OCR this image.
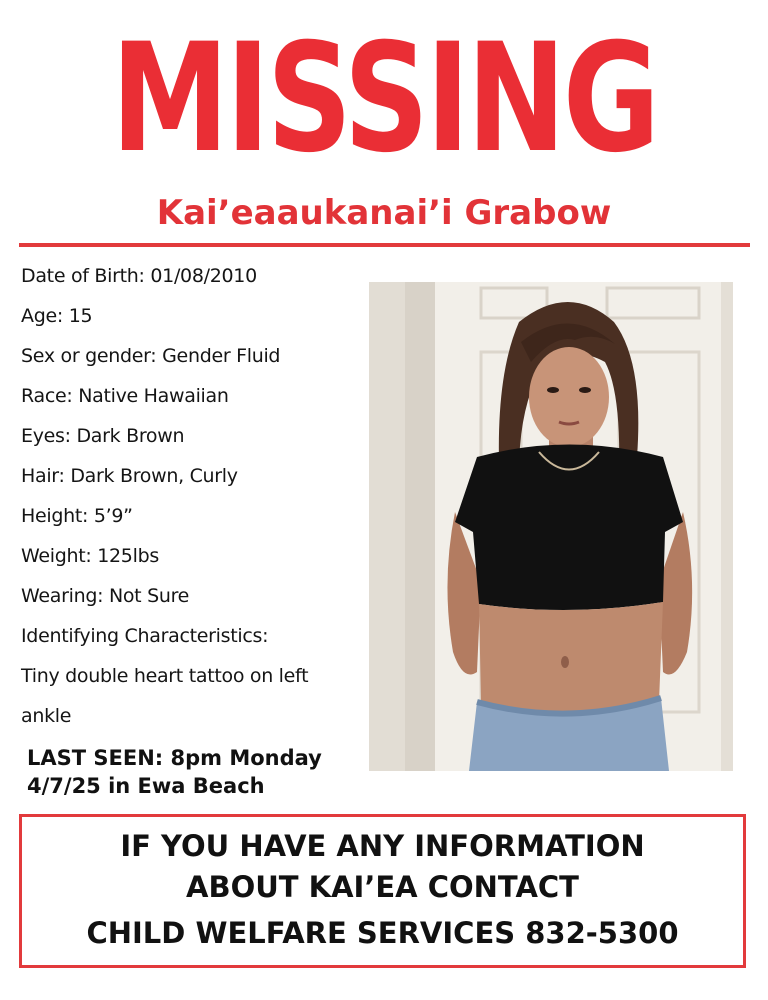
MISSING
Kai’eaaukanai’i Grabow
Date of Birth: 01/08/2010
Age: 15
Sex or gender: Gender Fluid
Race: Native Hawaiian
Eyes: Dark Brown
Hair: Dark Brown, Curly
Height: 5’9”
Weight: 125lbs
Wearing: Not Sure
Identifying Characteristics:
Tiny double heart tattoo on left
ankle
LAST SEEN: 8pm Monday
4/7/25 in Ewa Beach
IF YOU HAVE ANY INFORMATION
ABOUT KAI’EA CONTACT
CHILD WELFARE SERVICES 832-5300
